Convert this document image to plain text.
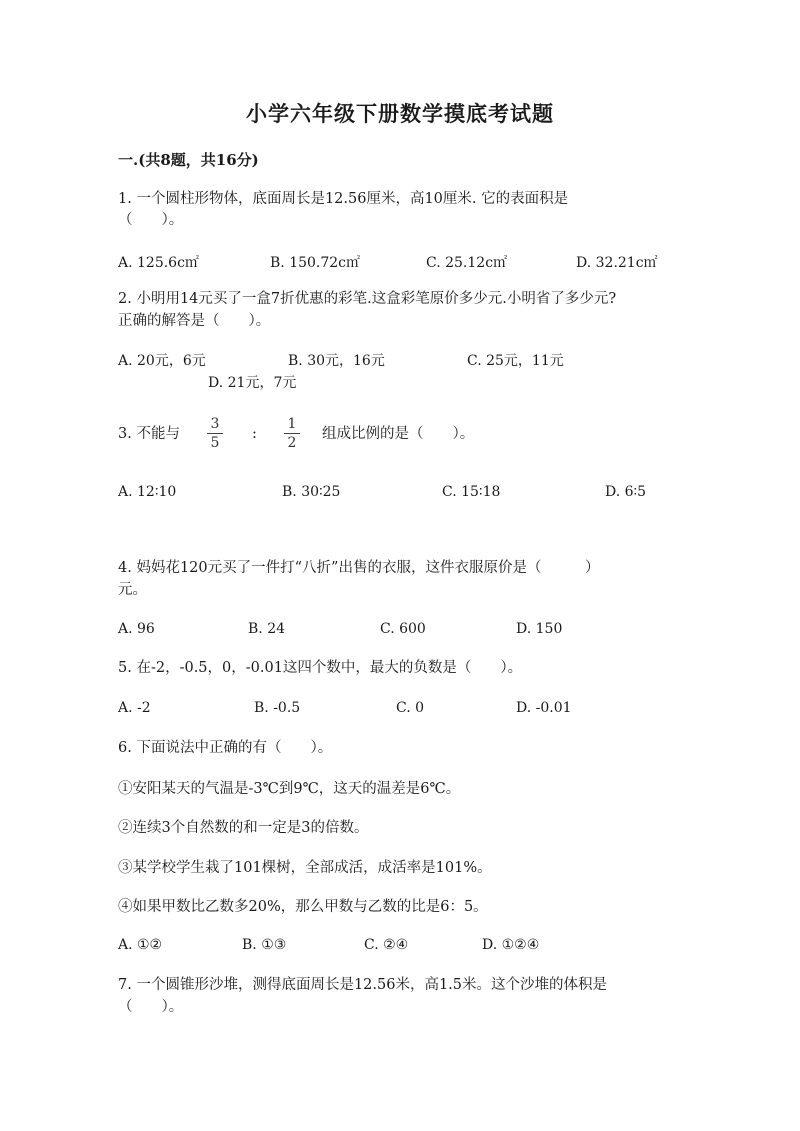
小学六年级下册数学摸底考试题
一.(共8题，共16分)
1. 一个圆柱形物体，底面周长是12.56厘米，高10厘米. 它的表面积是
（　　）。
A. 125.6c㎡	B. 150.72c㎡	C. 25.12c㎡	D. 32.21c㎡
2. 小明用14元买了一盒7折优惠的彩笔.这盒彩笔原价多少元.小明省了多少元?
正确的解答是（　　）。
A. 20元，6元	B. 30元，16元	C. 25元，11元
D. 21元，7元
3. 不能与
3
5
:
1
2
组成比例的是（　　）。
A. 12∶10	B. 30∶25	C. 15∶18	D. 6∶5
4. 妈妈花120元买了一件打“八折”出售的衣服，这件衣服原价是（　　　）
元。
A. 96	B. 24	C. 600	D. 150
5. 在-2，-0.5，0，-0.01这四个数中，最大的负数是（　　）。
A. -2	B. -0.5	C. 0	D. -0.01
6. 下面说法中正确的有（　　）。
①安阳某天的气温是-3℃到9℃，这天的温差是6℃。
②连续3个自然数的和一定是3的倍数。
③某学校学生栽了101棵树，全部成活，成活率是101%。
④如果甲数比乙数多20%，那么甲数与乙数的比是6：5。
A. ①②	B. ①③	C. ②④	D. ①②④
7. 一个圆锥形沙堆，测得底面周长是12.56米，高1.5米。这个沙堆的体积是
（　　）。
